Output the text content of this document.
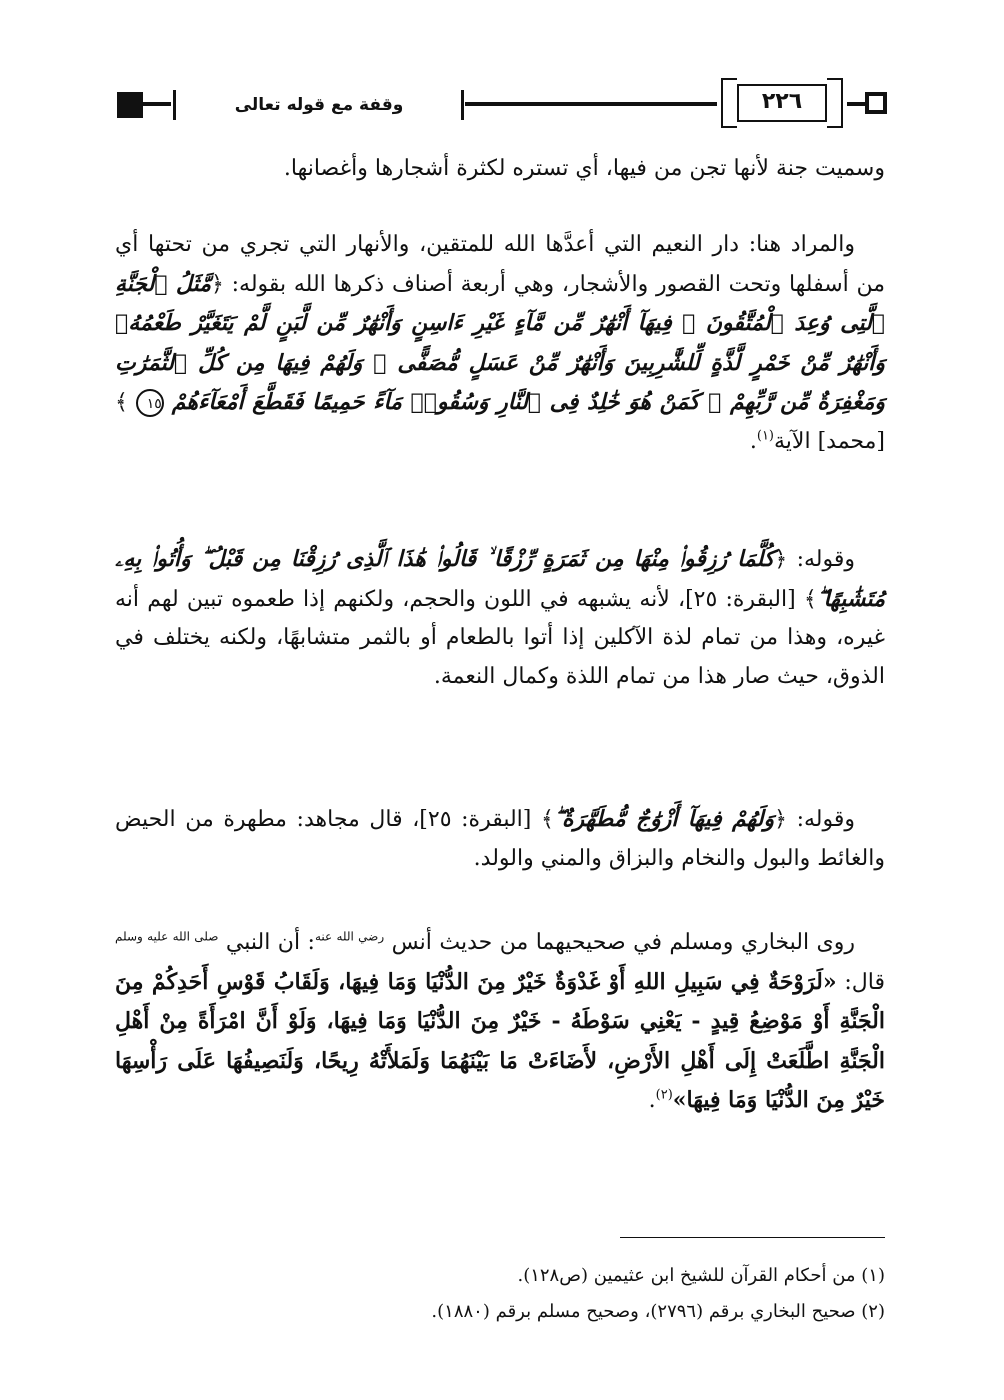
وقفة مع قوله تعالى	٢٢٦

وسميت جنة لأنها تجن من فيها، أي تستره لكثرة أشجارها وأغصانها.

والمراد هنا: دار النعيم التي أعدَّها الله للمتقين، والأنهار التي تجري من تحتها أي من أسفلها وتحت القصور والأشجار، وهي أربعة أصناف ذكرها الله بقوله: ﴿مَّثَلُ ٱلْجَنَّةِ ٱلَّتِى وُعِدَ ٱلْمُتَّقُونَ ۖ فِيهَآ أَنْهَٰرٌ مِّن مَّآءٍ غَيْرِ ءَاسِنٍ وَأَنْهَٰرٌ مِّن لَّبَنٍ لَّمْ يَتَغَيَّرْ طَعْمُهُۥ وَأَنْهَٰرٌ مِّنْ خَمْرٍ لَّذَّةٍ لِّلشَّٰرِبِينَ وَأَنْهَٰرٌ مِّنْ عَسَلٍ مُّصَفًّى ۖ وَلَهُمْ فِيهَا مِن كُلِّ ٱلثَّمَرَٰتِ وَمَغْفِرَةٌ مِّن رَّبِّهِمْ ۖ كَمَنْ هُوَ خَٰلِدٌ فِى ٱلنَّارِ وَسُقُوا۟ مَآءً حَمِيمًا فَقَطَّعَ أَمْعَآءَهُمْ ١٥ ﴾ [محمد] الآية$^{(١)}$.

وقوله: ﴿كُلَّمَا رُزِقُوا۟ مِنْهَا مِن ثَمَرَةٍ رِّزْقًا ۙ قَالُوا۟ هَٰذَا ٱلَّذِى رُزِقْنَا مِن قَبْلُ ۖ وَأُتُوا۟ بِهِۦ مُتَشَٰبِهًا ۖ﴾ [البقرة: ٢٥]، لأنه يشبهه في اللون والحجم، ولكنهم إذا طعموه تبين لهم أنه غيره، وهذا من تمام لذة الآكلين إذا أتوا بالطعام أو بالثمر متشابهًا، ولكنه يختلف في الذوق، حيث صار هذا من تمام اللذة وكمال النعمة.

وقوله: ﴿وَلَهُمْ فِيهَآ أَزْوَٰجٌ مُّطَهَّرَةٌ ۖ﴾ [البقرة: ٢٥]، قال مجاهد: مطهرة من الحيض والغائط والبول والنخام والبزاق والمني والولد.

روى البخاري ومسلم في صحيحيهما من حديث أنس $^{رضي الله عنه}$: أن النبي $^{صلى الله عليه وسلم}$ قال: «لَرَوْحَةٌ فِي سَبِيلِ اللهِ أَوْ غَدْوَةٌ خَيْرٌ مِنَ الدُّنْيَا وَمَا فِيهَا، وَلَقَابُ قَوْسِ أَحَدِكُمْ مِنَ الْجَنَّةِ أَوْ مَوْضِعُ قِيدٍ - يَعْنِي سَوْطَهُ - خَيْرٌ مِنَ الدُّنْيَا وَمَا فِيهَا، وَلَوْ أَنَّ امْرَأَةً مِنْ أَهْلِ الْجَنَّةِ اطَّلَعَتْ إِلَى أَهْلِ الأَرْضِ، لأَضَاءَتْ مَا بَيْنَهُمَا وَلَمَلأَتْهُ رِيحًا، وَلَنَصِيفُهَا عَلَى رَأْسِهَا خَيْرٌ مِنَ الدُّنْيَا وَمَا فِيهَا»$^{(٢)}$.

(١) من أحكام القرآن للشيخ ابن عثيمين (ص١٢٨).

(٢) صحيح البخاري برقم (٢٧٩٦)، وصحيح مسلم برقم (١٨٨٠).
